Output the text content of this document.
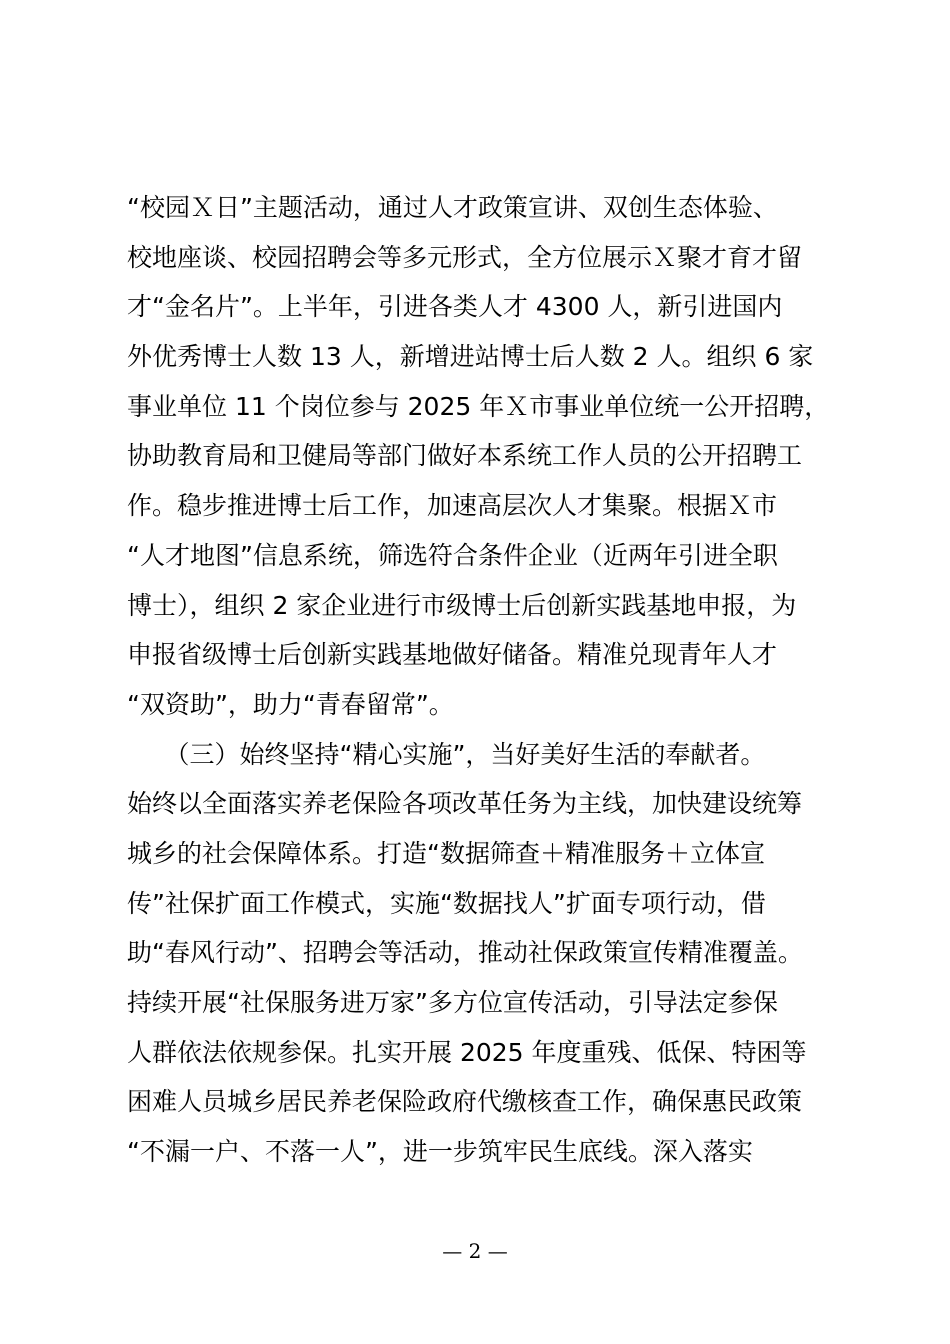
“校园Ｘ日”主题活动，通过人才政策宣讲、双创生态体验、
校地座谈、校园招聘会等多元形式，全方位展示Ｘ聚才育才留
才“金名片”。上半年，引进各类人才 4300 人，新引进国内
外优秀博士人数 13 人，新增进站博士后人数 2 人。组织 6 家
事业单位 11 个岗位参与 2025 年Ｘ市事业单位统一公开招聘，
协助教育局和卫健局等部门做好本系统工作人员的公开招聘工
作。稳步推进博士后工作，加速高层次人才集聚。根据Ｘ市
“人才地图”信息系统，筛选符合条件企业（近两年引进全职
博士），组织 2 家企业进行市级博士后创新实践基地申报，为
申报省级博士后创新实践基地做好储备。精准兑现青年人才
“双资助”，助力“青春留常”。
　　（三）始终坚持“精心实施”，当好美好生活的奉献者。
始终以全面落实养老保险各项改革任务为主线，加快建设统筹
城乡的社会保障体系。打造“数据筛查＋精准服务＋立体宣
传”社保扩面工作模式，实施“数据找人”扩面专项行动，借
助“春风行动”、招聘会等活动，推动社保政策宣传精准覆盖。
持续开展“社保服务进万家”多方位宣传活动，引导法定参保
人群依法依规参保。扎实开展 2025 年度重残、低保、特困等
困难人员城乡居民养老保险政府代缴核查工作，确保惠民政策
“不漏一户、不落一人”，进一步筑牢民生底线。深入落实
— 2 —
